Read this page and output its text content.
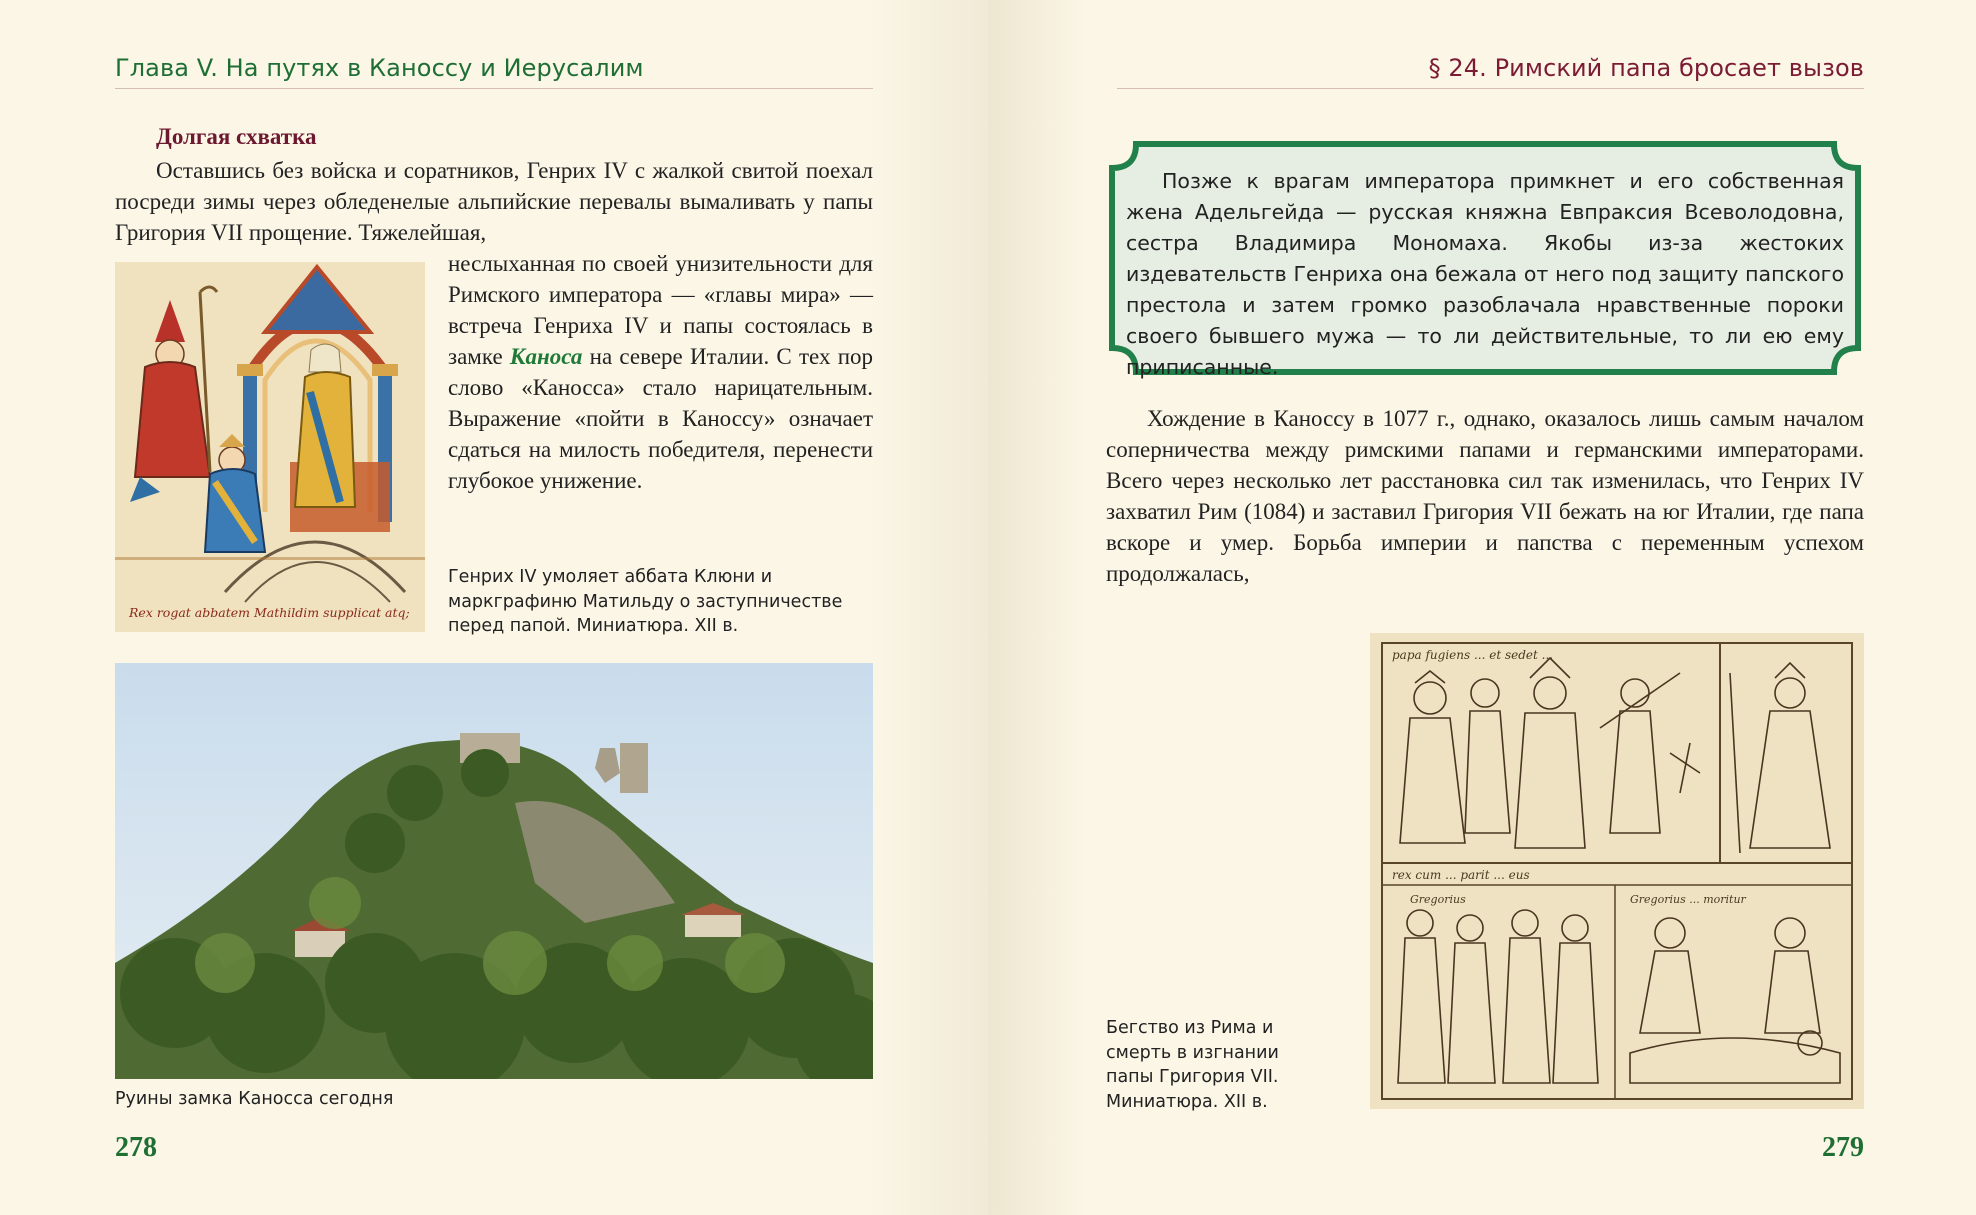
Глава V. На путях в Каноссу и Иерусалим

Долгая схватка

Оставшись без войска и соратников, Генрих IV с жалкой свитой поехал посреди зимы через обледенелые альпийские перевалы вымаливать у папы Григория VII прощение. Тяжелейшая,

неслыханная по своей унизительности для Римского императора — «главы мира» — встреча Генриха IV и папы состоялась в замке Каноса на севере Италии. С тех пор слово «Каносса» стало нарицательным. Выражение «пойти в Каноссу» означает сдаться на милость победителя, перенести глубокое унижение.

Rex rogat abbatem Mathildim supplicat atq;

Генрих IV умоляет аббата Клюни и маркграфиню Матильду о заступничестве перед папой. Миниатюра. XII в.

Руины замка Каносса сегодня

278
§ 24. Римский папа бросает вызов

Позже к врагам императора примкнет и его собственная жена Адельгейда — русская княжна Евпраксия Всеволодовна, сестра Владимира Мономаха. Якобы из-за жестоких издевательств Генриха она бежала от него под защиту папского престола и затем громко разоблачала нравственные пороки своего бывшего мужа — то ли действительные, то ли ею ему приписанные.

Хождение в Каноссу в 1077 г., однако, оказалось лишь самым началом соперничества между римскими папами и германскими императорами. Всего через несколько лет расстановка сил так изменилась, что Генрих IV захватил Рим (1084) и заставил Григория VII бежать на юг Италии, где папа вскоре и умер. Борьба империи и папства с переменным успехом продолжалась,

papa fugiens ... et sedet ...
rex cum ... parit ... eus
Gregorius	Gregorius ... moritur

Бегство из Рима и смерть в изгнании папы Григория VII. Миниатюра. XII в.

279
